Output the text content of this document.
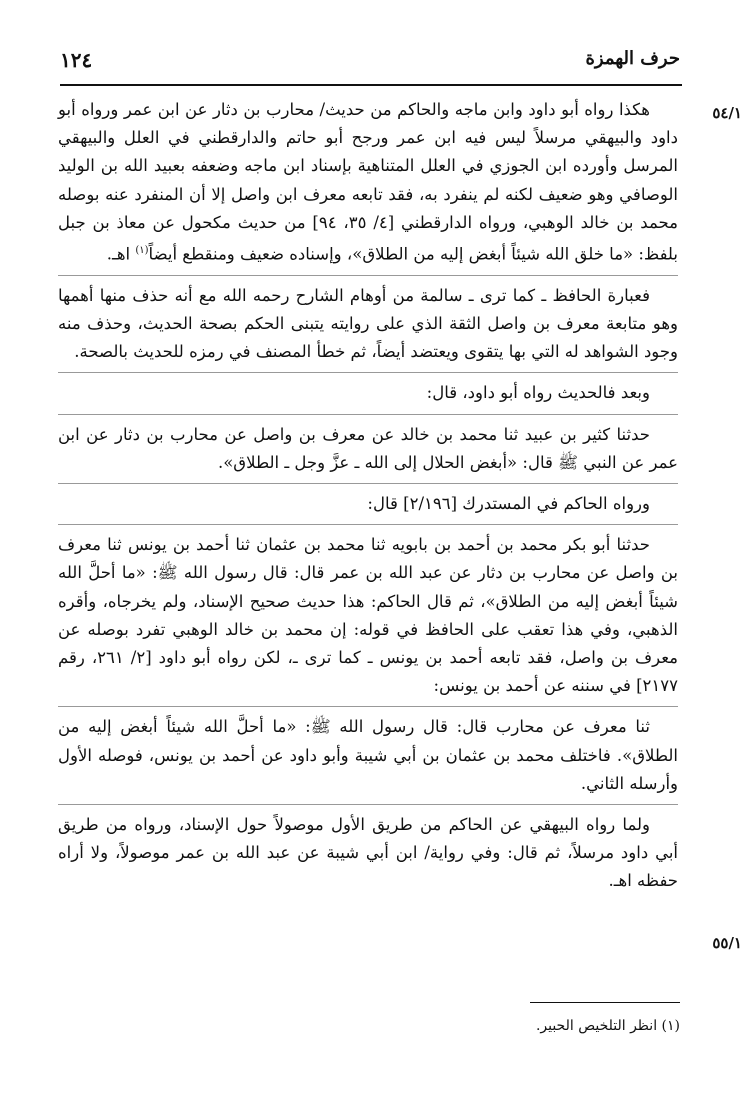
حرف الهمزة
١٢٤
٥٤/١
٥٥/١

هكذا رواه أبو داود وابن ماجه والحاكم من حديث/ محارب بن دثار عن ابن عمر ورواه أبو داود والبيهقي مرسلاً ليس فيه ابن عمر ورجح أبو حاتم والدارقطني في العلل والبيهقي المرسل وأورده ابن الجوزي في العلل المتناهية بإسناد ابن ماجه وضعفه بعبيد الله بن الوليد الوصافي وهو ضعيف لكنه لم ينفرد به، فقد تابعه معرف ابن واصل إلا أن المنفرد عنه بوصله محمد بن خالد الوهبي، ورواه الدارقطني [٤/ ٣٥، ٩٤] من حديث مكحول عن معاذ بن جبل بلفظ: «ما خلق الله شيئاً أبغض إليه من الطلاق»، وإسناده ضعيف ومنقطع أيضاً$^{(١)}$ اهـ.

فعبارة الحافظ ـ كما ترى ـ سالمة من أوهام الشارح رحمه الله مع أنه حذف منها أهمها وهو متابعة معرف بن واصل الثقة الذي على روايته يتبنى الحكم بصحة الحديث، وحذف منه وجود الشواهد له التي بها يتقوى ويعتضد أيضاً، ثم خطأ المصنف في رمزه للحديث بالصحة.

وبعد فالحديث رواه أبو داود، قال:

حدثنا كثير بن عبيد ثنا محمد بن خالد عن معرف بن واصل عن محارب بن دثار عن ابن عمر عن النبي ﷺ قال: «أبغض الحلال إلى الله ـ عزَّ وجل ـ الطلاق».

ورواه الحاكم في المستدرك [٢/١٩٦] قال:

حدثنا أبو بكر محمد بن أحمد بن بابويه ثنا محمد بن عثمان ثنا أحمد بن يونس ثنا معرف بن واصل عن محارب بن دثار عن عبد الله بن عمر قال: قال رسول الله ﷺ: «ما أحلَّ الله شيئاً أبغض إليه من الطلاق»، ثم قال الحاكم: هذا حديث صحيح الإسناد، ولم يخرجاه، وأقره الذهبي، وفي هذا تعقب على الحافظ في قوله: إن محمد بن خالد الوهبي تفرد بوصله عن معرف بن واصل، فقد تابعه أحمد بن يونس ـ كما ترى ـ، لكن رواه أبو داود [٢/ ٢٦١، رقم ٢١٧٧] في سننه عن أحمد بن يونس:

ثنا معرف عن محارب قال: قال رسول الله ﷺ: «ما أحلَّ الله شيئاً أبغض إليه من الطلاق». فاختلف محمد بن عثمان بن أبي شيبة وأبو داود عن أحمد بن يونس، فوصله الأول وأرسله الثاني.

ولما رواه البيهقي عن الحاكم من طريق الأول موصولاً حول الإسناد، ورواه من طريق أبي داود مرسلاً، ثم قال: وفي رواية/ ابن أبي شيبة عن عبد الله بن عمر موصولاً، ولا أراه حفظه اهـ.

(١) انظر التلخيص الحبير.
